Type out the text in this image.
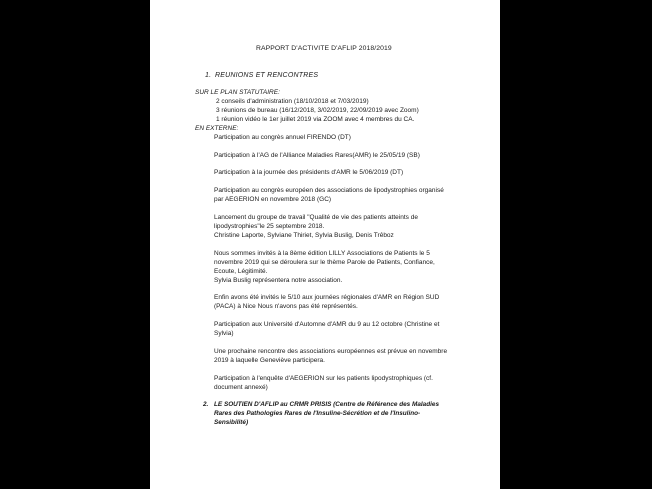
RAPPORT D'ACTIVITE D'AFLIP 2018/2019

1. REUNIONS ET RENCONTRES

SUR LE PLAN STATUTAIRE:

2 conseils d'administration (18/10/2018 et 7/03/2019)

3 réunions de bureau (16/12/2018, 3/02/2019, 22/09/2019 avec Zoom)

1 réunion vidéo le 1er juillet 2019 via ZOOM avec 4 membres du CA.

EN EXTERNE:

Participation au congrès annuel FIRENDO (DT)

Participation à l'AG de l'Alliance Maladies Rares(AMR) le 25/05/19 (SB)

Participation à la journée des présidents d'AMR le 5/06/2019 (DT)

Participation au congrès européen des associations de lipodystrophies organisé

par AEGERION en novembre 2018 (GC)

Lancement du groupe de travail "Qualité de vie des patients atteints de

lipodystrophies"le 25 septembre 2018.

Christine Laporte, Sylviane Thiriet, Sylvia Buslig, Denis Trêboz

Nous sommes invités à la 8ème édition LILLY Associations de Patients le 5

novembre 2019 qui se déroulera sur le thème Parole de Patients, Confiance,

Ecoute, Légitimité.

Sylvia Buslig représentera notre association.

Enfin avons été invités le 5/10 aux journées régionales d'AMR en Région SUD

(PACA) à Nice Nous n'avons pas été représentés.

Participation aux Université d'Automne d'AMR du 9 au 12 octobre (Christine et

Sylvia)

Une prochaine rencontre des associations européennes est prévue en novembre

2019 à laquelle Geneviève participera.

Participation à l'enquête d'AEGERION sur les patients lipodystrophiques (cf.

document annexé)

2. LE SOUTIEN D'AFLIP au CRMR PRISIS (Centre de Référence des Maladies

Rares des Pathologies Rares de l'Insuline-Sécrétion et de l'Insulino-

Sensibilité)
